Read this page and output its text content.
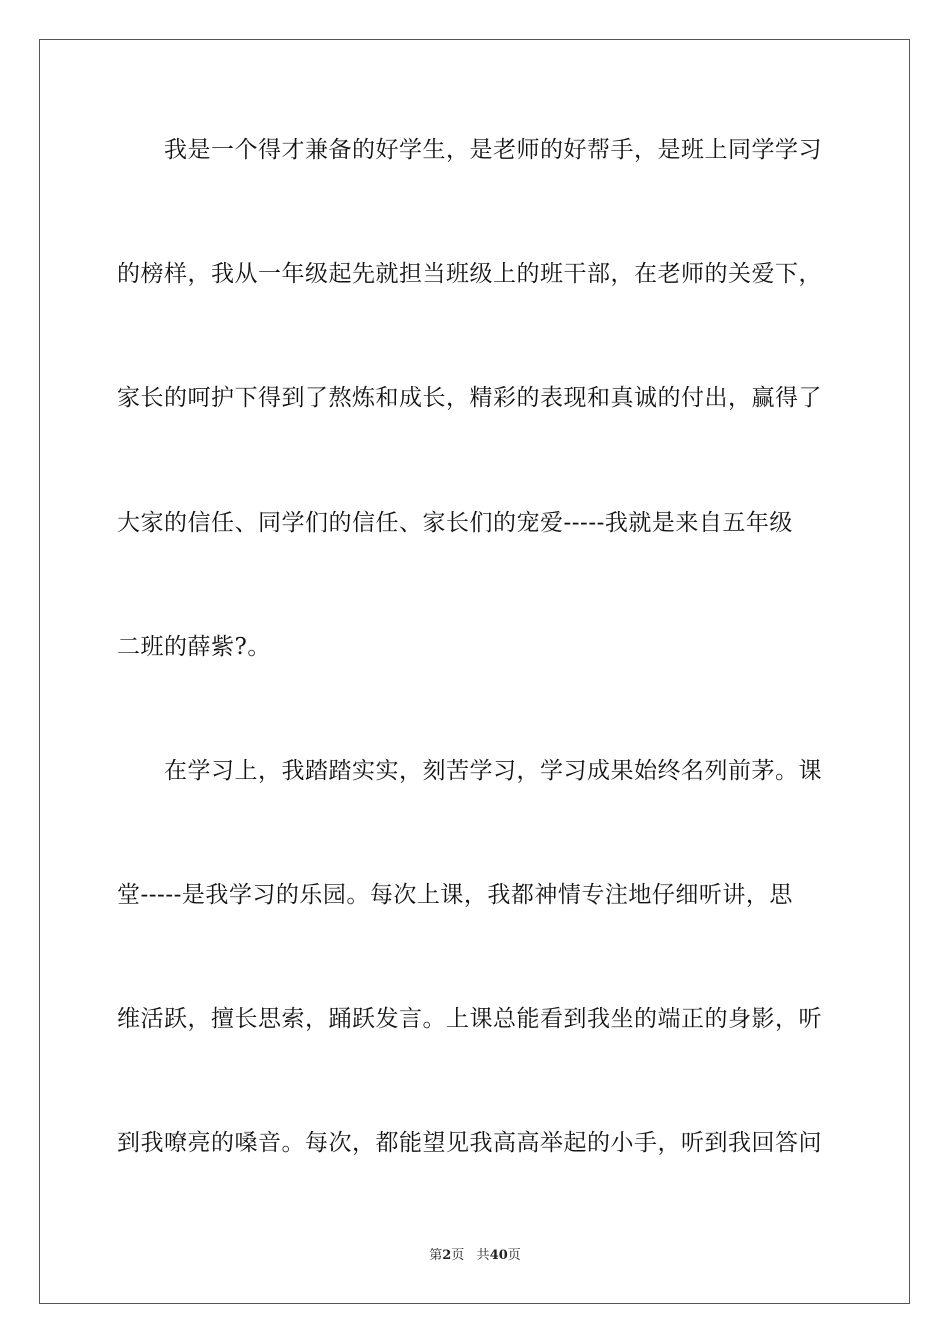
我是一个得才兼备的好学生，是老师的好帮手，是班上同学学习
的榜样，我从一年级起先就担当班级上的班干部，在老师的关爱下，
家长的呵护下得到了熬炼和成长，精彩的表现和真诚的付出，赢得了
大家的信任、同学们的信任、家长们的宠爱-----我就是来自五年级
二班的薛紫?。
在学习上，我踏踏实实，刻苦学习，学习成果始终名列前茅。课
堂-----是我学习的乐园。每次上课，我都神情专注地仔细听讲，思
维活跃，擅长思索，踊跃发言。上课总能看到我坐的端正的身影，听
到我嘹亮的嗓音。每次，都能望见我高高举起的小手，听到我回答问
第2页 共40页
